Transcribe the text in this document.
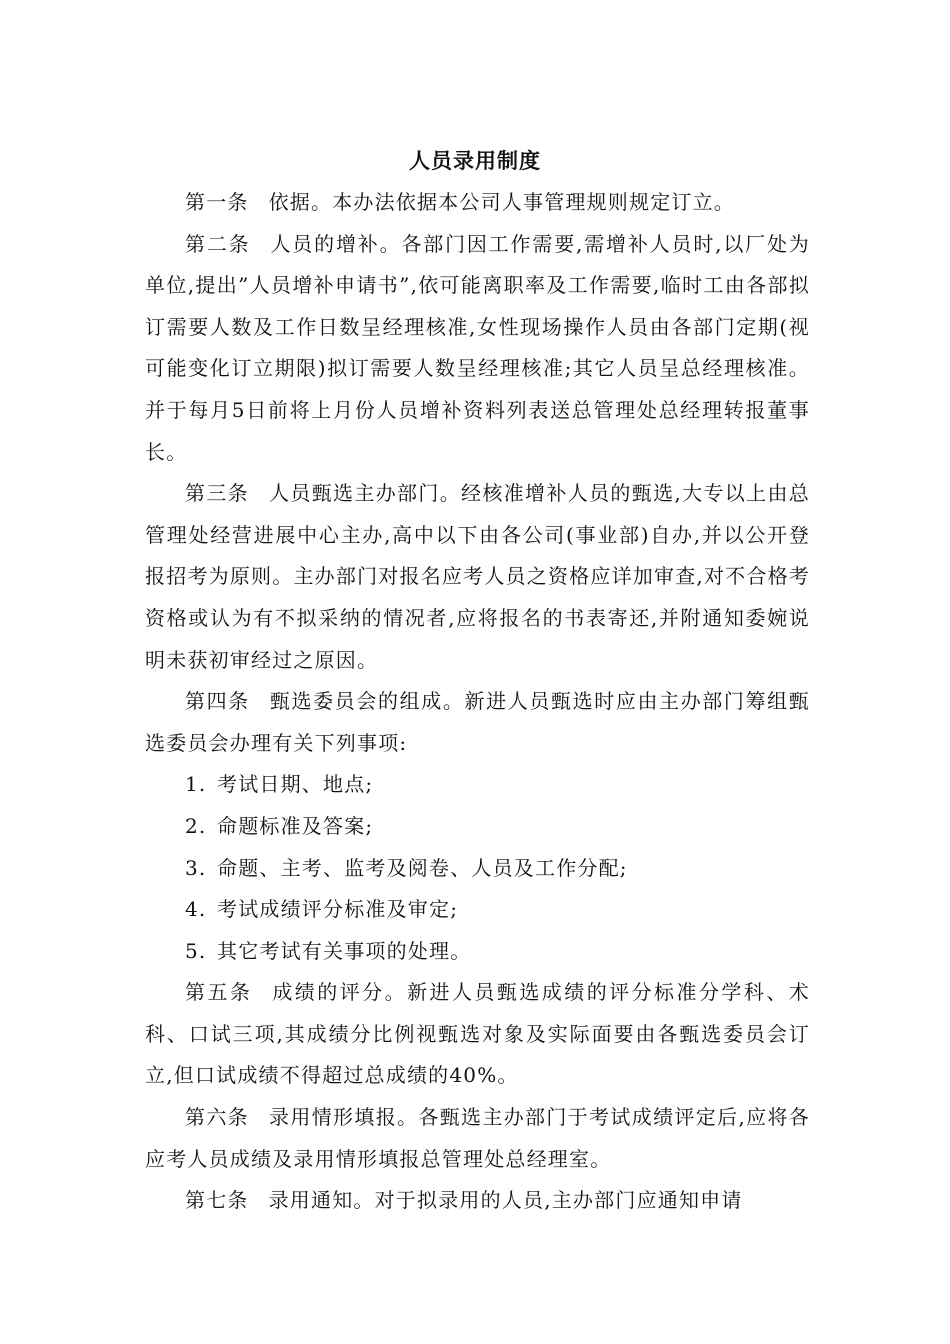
人员录用制度

第一条 依据。本办法依据本公司人事管理规则规定订立。

第二条 人员的增补。各部门因工作需要,需增补人员时,以厂处为单位,提出”人员增补申请书”,依可能离职率及工作需要,临时工由各部拟订需要人数及工作日数呈经理核准,女性现场操作人员由各部门定期(视可能变化订立期限)拟订需要人数呈经理核准;其它人员呈总经理核准。并于每月5日前将上月份人员增补资料列表送总管理处总经理转报董事长。

第三条 人员甄选主办部门。经核准增补人员的甄选,大专以上由总管理处经营进展中心主办,高中以下由各公司(事业部)自办,并以公开登报招考为原则。主办部门对报名应考人员之资格应详加审查,对不合格考资格或认为有不拟采纳的情况者,应将报名的书表寄还,并附通知委婉说明未获初审经过之原因。

第四条 甄选委员会的组成。新进人员甄选时应由主办部门筹组甄选委员会办理有关下列事项:

1. 考试日期、地点;

2. 命题标准及答案;

3. 命题、主考、监考及阅卷、人员及工作分配;

4. 考试成绩评分标准及审定;

5. 其它考试有关事项的处理。

第五条 成绩的评分。新进人员甄选成绩的评分标准分学科、术科、口试三项,其成绩分比例视甄选对象及实际面要由各甄选委员会订立,但口试成绩不得超过总成绩的40%。

第六条 录用情形填报。各甄选主办部门于考试成绩评定后,应将各应考人员成绩及录用情形填报总管理处总经理室。

第七条 录用通知。对于拟录用的人员,主办部门应通知申请
